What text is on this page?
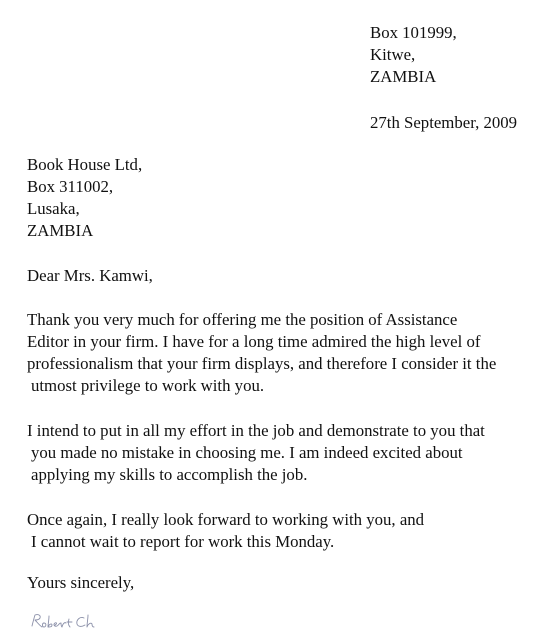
Box 101999,
Kitwe,
ZAMBIA
27th September, 2009
Book House Ltd,
Box 311002,
Lusaka,
ZAMBIA
Dear Mrs. Kamwi,
Thank you very much for offering me the position of Assistance
Editor in your firm. I have for a long time admired the high level of
professionalism that your firm displays, and therefore I consider it the
utmost privilege to work with you.
I intend to put in all my effort in the job and demonstrate to you that
you made no mistake in choosing me. I am indeed excited about
applying my skills to accomplish the job.
Once again, I really look forward to working with you, and
I cannot wait to report for work this Monday.
Yours sincerely,
